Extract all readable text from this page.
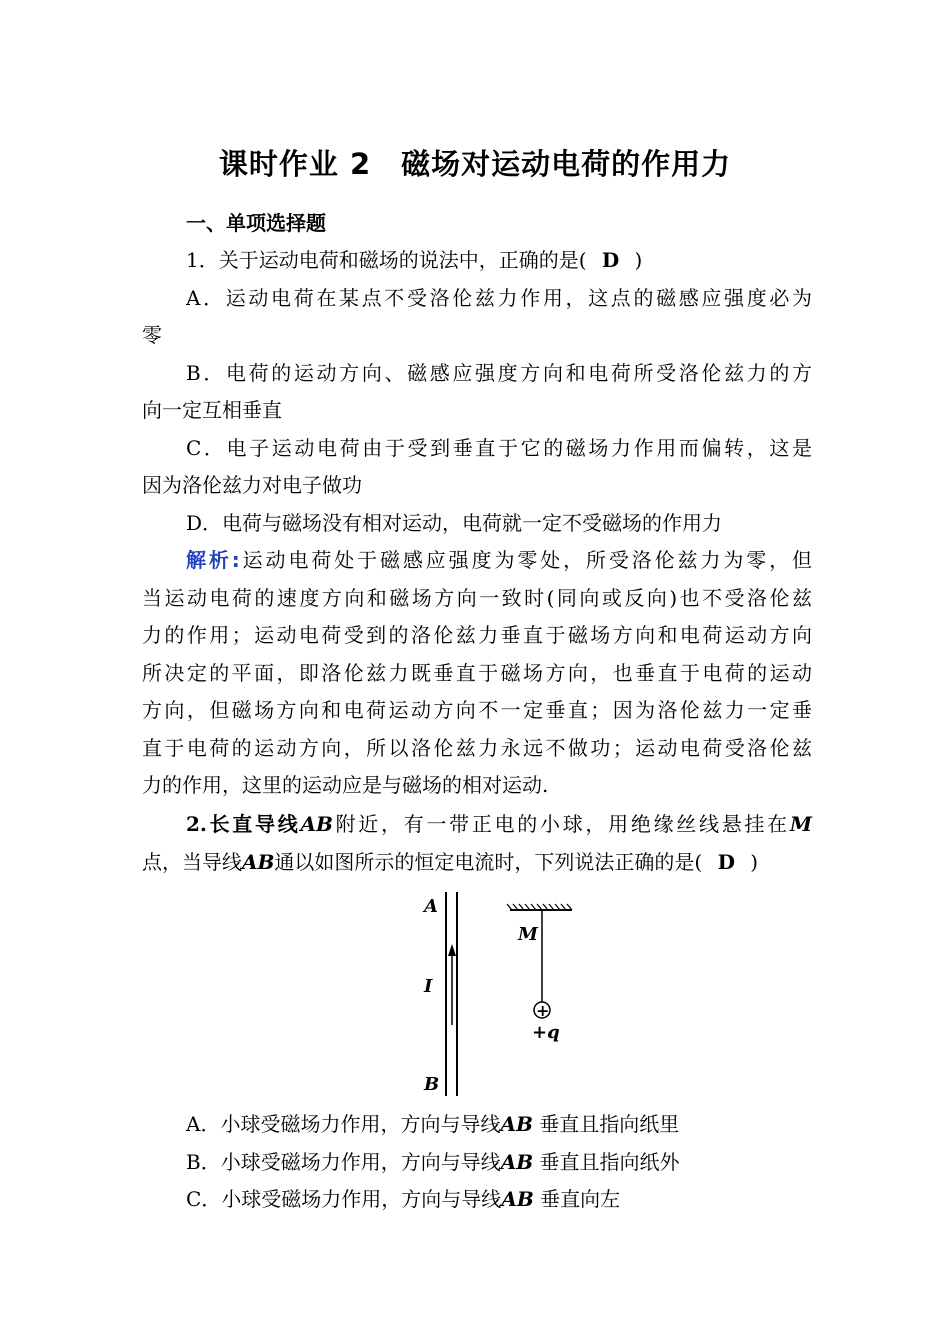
课时作业 2　磁场对运动电荷的作用力
一、单项选择题
1．关于运动电荷和磁场的说法中，正确的是( D )
A．运动电荷在某点不受洛伦兹力作用，这点的磁感应强度必为
零
B．电荷的运动方向、磁感应强度方向和电荷所受洛伦兹力的方
向一定互相垂直
C．电子运动电荷由于受到垂直于它的磁场力作用而偏转，这是
因为洛伦兹力对电子做功
D．电荷与磁场没有相对运动，电荷就一定不受磁场的作用力
解析:运动电荷处于磁感应强度为零处，所受洛伦兹力为零，但
当运动电荷的速度方向和磁场方向一致时(同向或反向)也不受洛伦兹
力的作用；运动电荷受到的洛伦兹力垂直于磁场方向和电荷运动方向
所决定的平面，即洛伦兹力既垂直于磁场方向，也垂直于电荷的运动
方向，但磁场方向和电荷运动方向不一定垂直；因为洛伦兹力一定垂
直于电荷的运动方向，所以洛伦兹力永远不做功；运动电荷受洛伦兹
力的作用，这里的运动应是与磁场的相对运动.
2.长直导线AB附近，有一带正电的小球，用绝缘丝线悬挂在M
点，当导线AB通以如图所示的恒定电流时，下列说法正确的是( D )
A
I
B
M
+
+q
A．小球受磁场力作用，方向与导线AB 垂直且指向纸里
B．小球受磁场力作用，方向与导线AB 垂直且指向纸外
C．小球受磁场力作用，方向与导线AB 垂直向左
